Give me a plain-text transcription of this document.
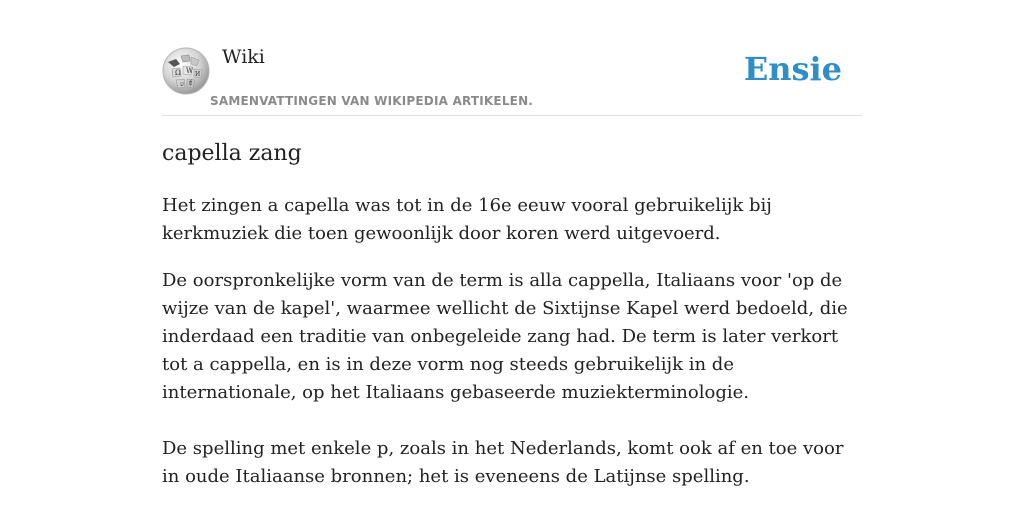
Ω W И
ש ई
Wiki
SAMENVATTINGEN VAN WIKIPEDIA ARTIKELEN.
Ensie
capella zang

Het zingen a capella was tot in de 16e eeuw vooral gebruikelijk bij kerkmuziek die toen gewoonlijk door koren werd uitgevoerd.

De oorspronkelijke vorm van de term is alla cappella, Italiaans voor 'op de wijze van de kapel', waarmee wellicht de Sixtijnse Kapel werd bedoeld, die inderdaad een traditie van onbegeleide zang had. De term is later verkort tot a cappella, en is in deze vorm nog steeds gebruikelijk in de internationale, op het Italiaans gebaseerde muziekterminologie.

De spelling met enkele p, zoals in het Nederlands, komt ook af en toe voor in oude Italiaanse bronnen; het is eveneens de Latijnse spelling.
